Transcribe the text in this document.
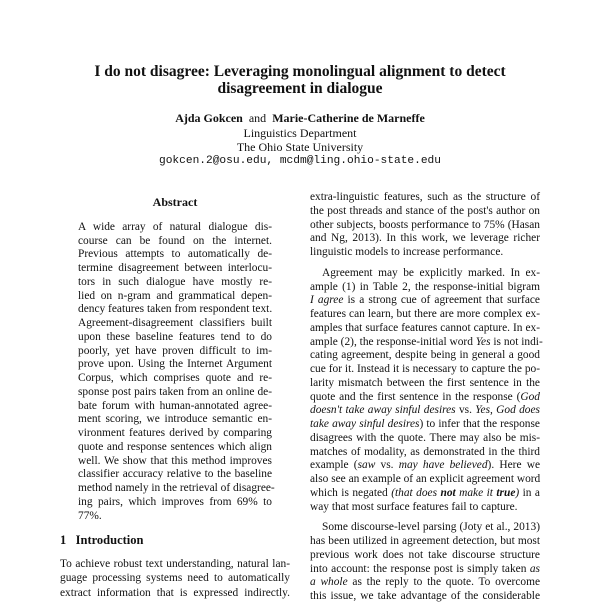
I do not disagree: Leveraging monolingual alignment to detect
disagreement in dialogue
Ajda Gokcen and Marie-Catherine de Marneffe
Linguistics Department
The Ohio State University
gokcen.2@osu.edu, mcdm@ling.ohio-state.edu
Abstract
A wide array of natural dialogue dis-
course can be found on the internet.
Previous attempts to automatically de-
termine disagreement between interlocu-
tors in such dialogue have mostly re-
lied on n-gram and grammatical depen-
dency features taken from respondent text.
Agreement-disagreement classifiers built
upon these baseline features tend to do
poorly, yet have proven difficult to im-
prove upon. Using the Internet Argument
Corpus, which comprises quote and re-
sponse post pairs taken from an online de-
bate forum with human-annotated agree-
ment scoring, we introduce semantic en-
vironment features derived by comparing
quote and response sentences which align
well. We show that this method improves
classifier accuracy relative to the baseline
method namely in the retrieval of disagree-
ing pairs, which improves from 69% to
77%.
1 Introduction
To achieve robust text understanding, natural lan-
guage processing systems need to automatically
extract information that is expressed indirectly.
extra-linguistic features, such as the structure of
the post threads and stance of the post's author on
other subjects, boosts performance to 75% (Hasan
and Ng, 2013). In this work, we leverage richer
linguistic models to increase performance.
Agreement may be explicitly marked. In ex-
ample (1) in Table 2, the response-initial bigram
I agree is a strong cue of agreement that surface
features can learn, but there are more complex ex-
amples that surface features cannot capture. In ex-
ample (2), the response-initial word Yes is not indi-
cating agreement, despite being in general a good
cue for it. Instead it is necessary to capture the po-
larity mismatch between the first sentence in the
quote and the first sentence in the response (God
doesn't take away sinful desires vs. Yes, God does
take away sinful desires) to infer that the response
disagrees with the quote. There may also be mis-
matches of modality, as demonstrated in the third
example (saw vs. may have believed). Here we
also see an example of an explicit agreement word
which is negated (that does not make it true) in a
way that most surface features fail to capture.
Some discourse-level parsing (Joty et al., 2013)
has been utilized in agreement detection, but most
previous work does not take discourse structure
into account: the response post is simply taken as
a whole as the reply to the quote. To overcome
this issue, we take advantage of the considerable
